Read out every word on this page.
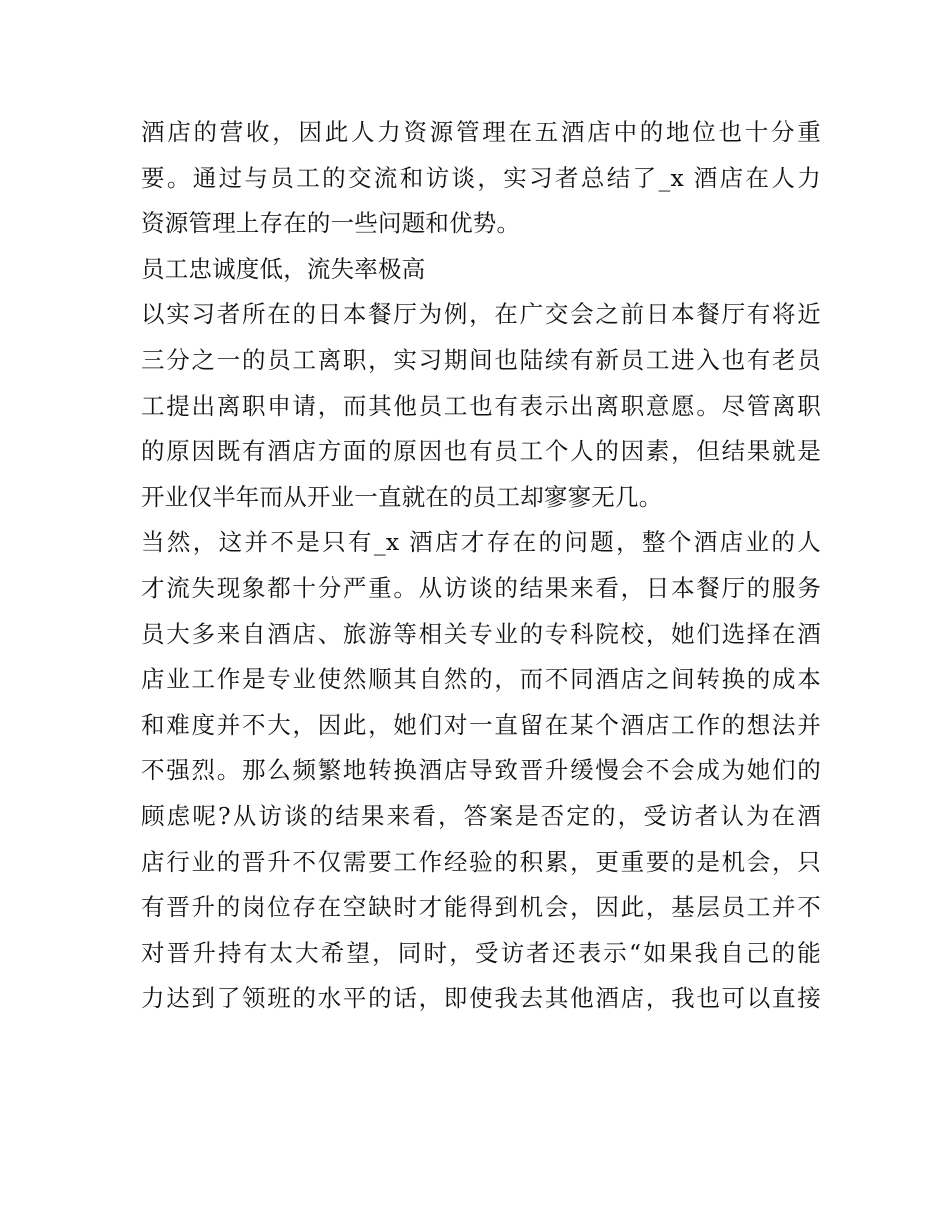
酒店的营收，因此人力资源管理在五酒店中的地位也十分重
要。通过与员工的交流和访谈，实习者总结了_x 酒店在人力
资源管理上存在的一些问题和优势。
员工忠诚度低，流失率极高
以实习者所在的日本餐厅为例，在广交会之前日本餐厅有将近
三分之一的员工离职，实习期间也陆续有新员工进入也有老员
工提出离职申请，而其他员工也有表示出离职意愿。尽管离职
的原因既有酒店方面的原因也有员工个人的因素，但结果就是
开业仅半年而从开业一直就在的员工却寥寥无几。
当然，这并不是只有_x 酒店才存在的问题，整个酒店业的人
才流失现象都十分严重。从访谈的结果来看，日本餐厅的服务
员大多来自酒店、旅游等相关专业的专科院校，她们选择在酒
店业工作是专业使然顺其自然的，而不同酒店之间转换的成本
和难度并不大，因此，她们对一直留在某个酒店工作的想法并
不强烈。那么频繁地转换酒店导致晋升缓慢会不会成为她们的
顾虑呢?从访谈的结果来看，答案是否定的，受访者认为在酒
店行业的晋升不仅需要工作经验的积累，更重要的是机会，只
有晋升的岗位存在空缺时才能得到机会，因此，基层员工并不
对晋升持有太大希望，同时，受访者还表示“如果我自己的能
力达到了领班的水平的话，即使我去其他酒店，我也可以直接
